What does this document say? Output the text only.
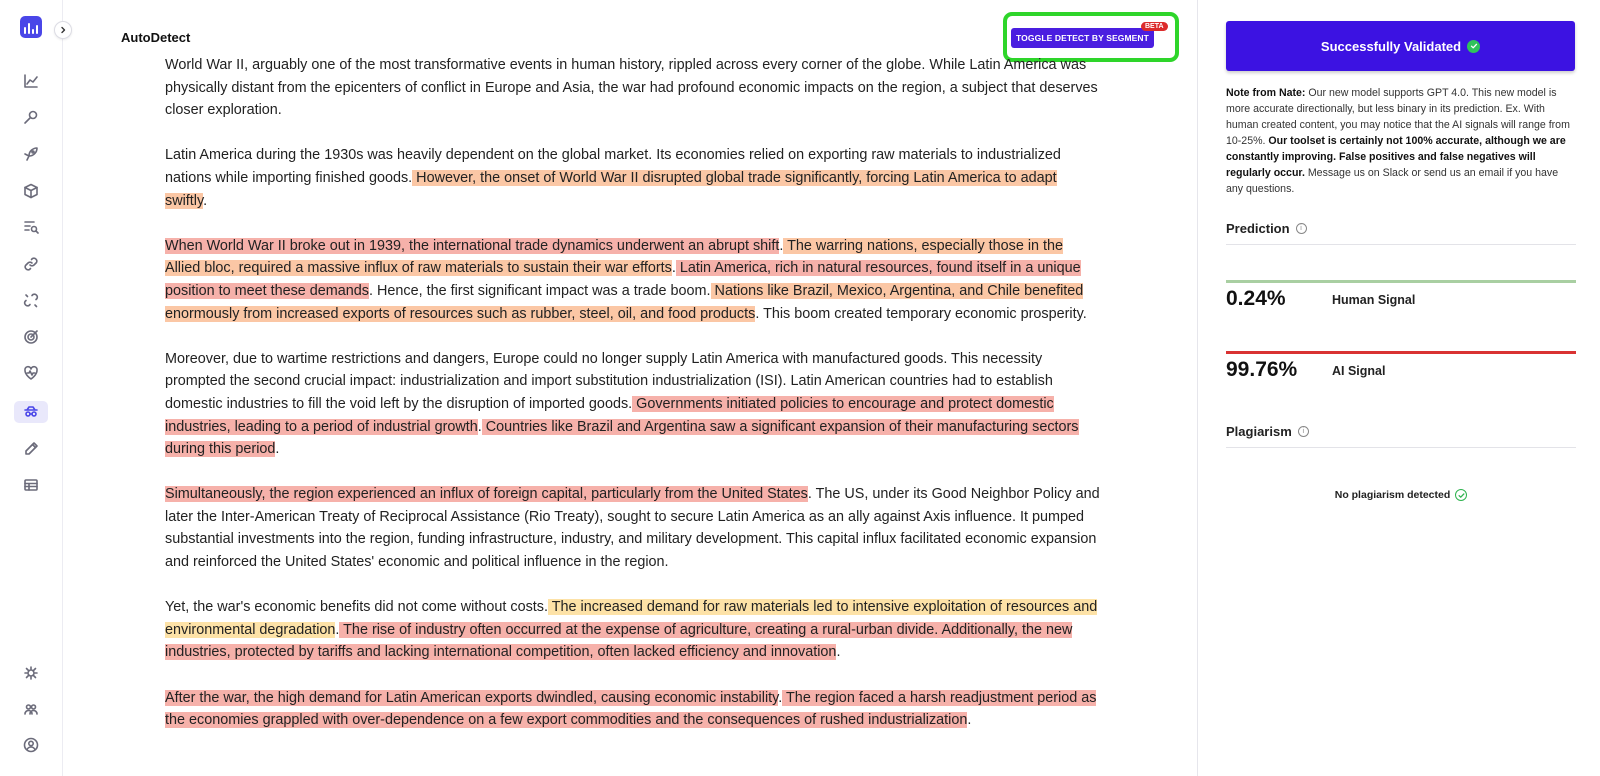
AutoDetect	TOGGLE DETECT BY SEGMENT
BETA

World War II, arguably one of the most transformative events in human history, rippled across every corner of the globe. While Latin America was physically distant from the epicenters of conflict in Europe and Asia, the war had profound economic impacts on the region, a subject that deserves closer exploration.

Latin America during the 1930s was heavily dependent on the global market. Its economies relied on exporting raw materials to industrialized nations while importing finished goods. However, the onset of World War II disrupted global trade significantly, forcing Latin America to adapt swiftly.

When World War II broke out in 1939, the international trade dynamics underwent an abrupt shift. The warring nations, especially those in the Allied bloc, required a massive influx of raw materials to sustain their war efforts. Latin America, rich in natural resources, found itself in a unique position to meet these demands. Hence, the first significant impact was a trade boom. Nations like Brazil, Mexico, Argentina, and Chile benefited enormously from increased exports of resources such as rubber, steel, oil, and food products. This boom created temporary economic prosperity.

Moreover, due to wartime restrictions and dangers, Europe could no longer supply Latin America with manufactured goods. This necessity prompted the second crucial impact: industrialization and import substitution industrialization (ISI). Latin American countries had to establish domestic industries to fill the void left by the disruption of imported goods. Governments initiated policies to encourage and protect domestic industries, leading to a period of industrial growth. Countries like Brazil and Argentina saw a significant expansion of their manufacturing sectors during this period.

Simultaneously, the region experienced an influx of foreign capital, particularly from the United States. The US, under its Good Neighbor Policy and later the Inter-American Treaty of Reciprocal Assistance (Rio Treaty), sought to secure Latin America as an ally against Axis influence. It pumped substantial investments into the region, funding infrastructure, industry, and military development. This capital influx facilitated economic expansion and reinforced the United States' economic and political influence in the region.

Yet, the war's economic benefits did not come without costs. The increased demand for raw materials led to intensive exploitation of resources and environmental degradation. The rise of industry often occurred at the expense of agriculture, creating a rural-urban divide. Additionally, the new industries, protected by tariffs and lacking international competition, often lacked efficiency and innovation.

After the war, the high demand for Latin American exports dwindled, causing economic instability. The region faced a harsh readjustment period as the economies grappled with over-dependence on a few export commodities and the consequences of rushed industrialization.

Successfully Validated
Note from Nate: Our new model supports GPT 4.0. This new model is more accurate directionally, but less binary in its prediction. Ex. With human created content, you may notice that the AI signals will range from 10-25%. Our toolset is certainly not 100% accurate, although we are constantly improving. False positives and false negatives will regularly occur. Message us on Slack or send us an email if you have any questions.
Prediction	i
0.24%	Human Signal
99.76%	AI Signal
Plagiarism	i
No plagiarism detected
